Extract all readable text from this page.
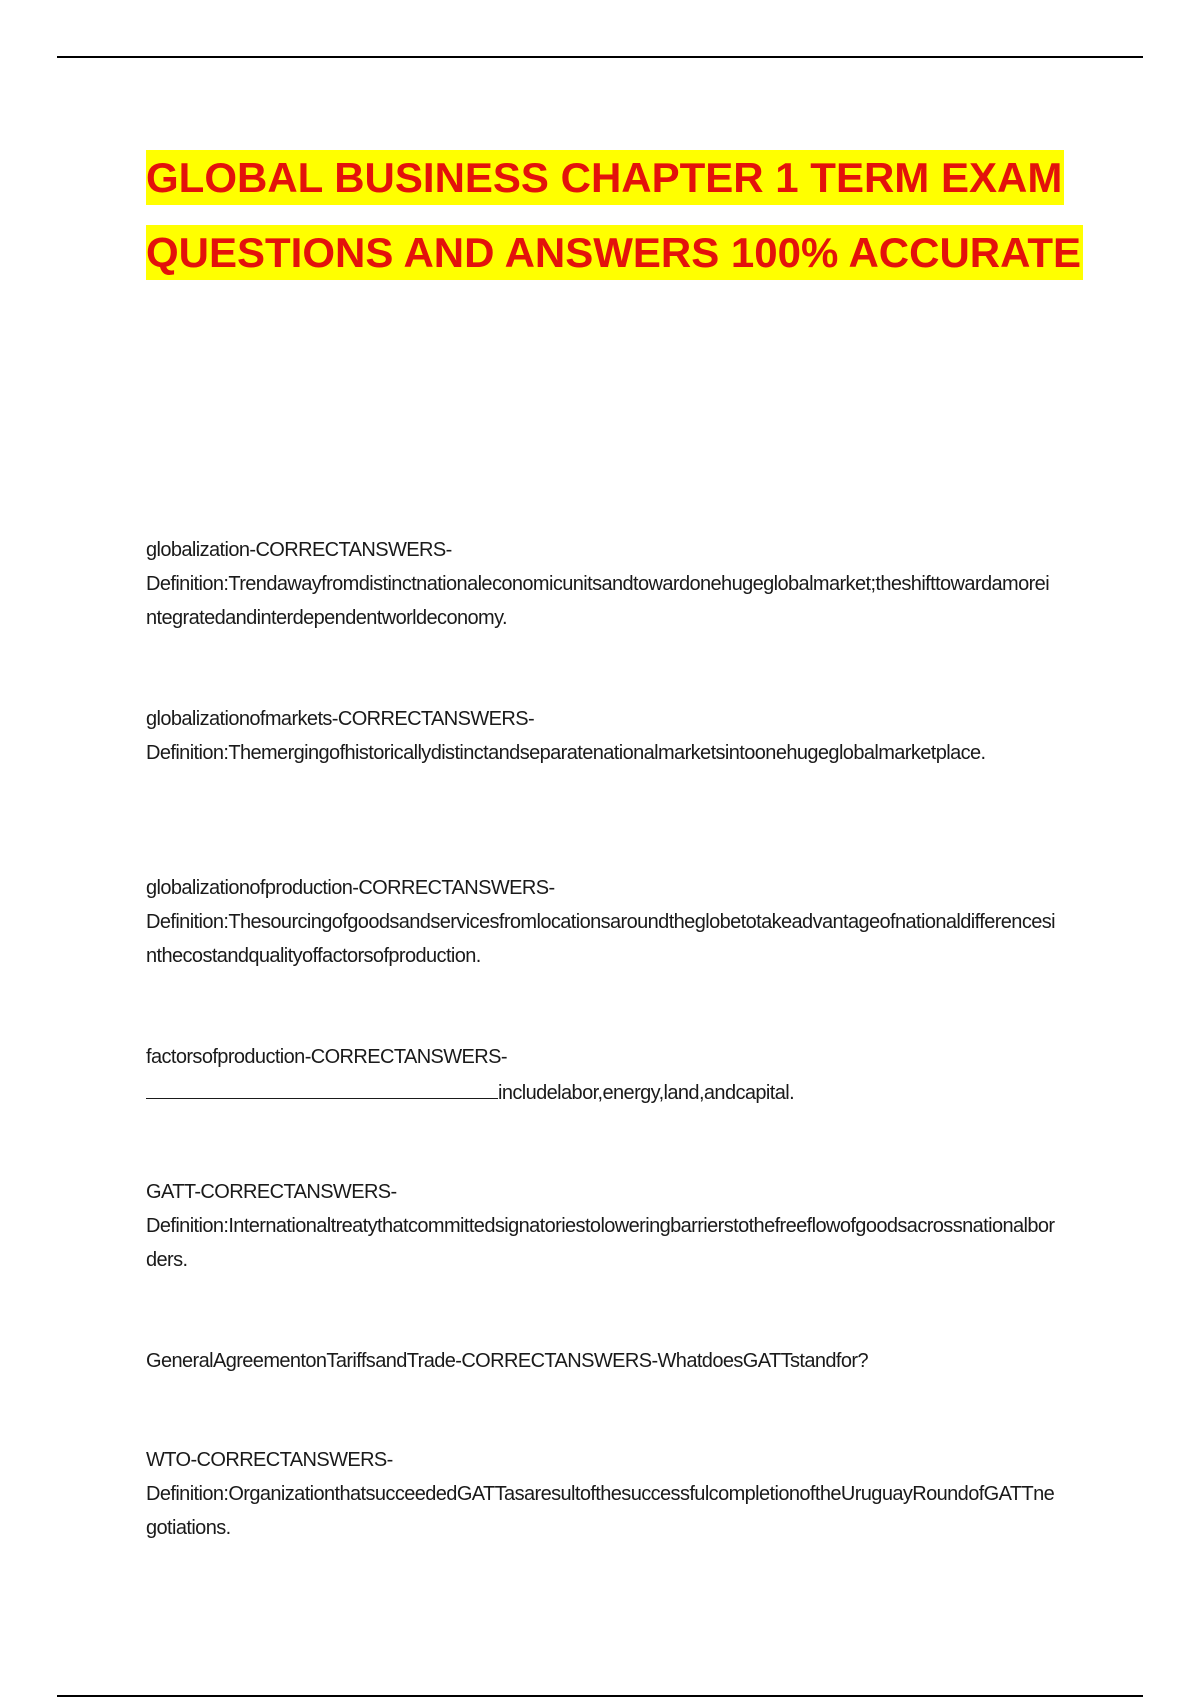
GLOBAL BUSINESS CHAPTER 1 TERM EXAM QUESTIONS AND ANSWERS 100% ACCURATE
globalization-CORRECTANSWERS-
Definition:Trendawayfromdistinctnationaleconomicunitsandtowardonehugeglobalmarket;theshifttowardamoreintegratedandinterdependentworldeconomy.
globalizationofmarkets-CORRECTANSWERS-
Definition:Themergingofhistoricallydistinctandseparatenationalmarketsintoonehugeglobalmarketplace.
globalizationofproduction-CORRECTANSWERS-
Definition:Thesourcingofgoodsandservicesfromlocationsaroundtheglobetotakeadvantageofnationaldifferencesinthecostandqualityoffactorsofproduction.
factorsofproduction-CORRECTANSWERS-
includelabor,energy,land,andcapital.
GATT-CORRECTANSWERS-
Definition:Internationaltreatythatcommittedsignatoriestoloweringbarrierstothefreeflowofgoodsacrossnationalborders.
GeneralAgreementonTariffsandTrade-CORRECTANSWERS-WhatdoesGATTstandfor?
WTO-CORRECTANSWERS-
Definition:OrganizationthatsucceededGATTasaresultofthesuccessfulcompletionoftheUruguayRoundofGATTnegotiations.
